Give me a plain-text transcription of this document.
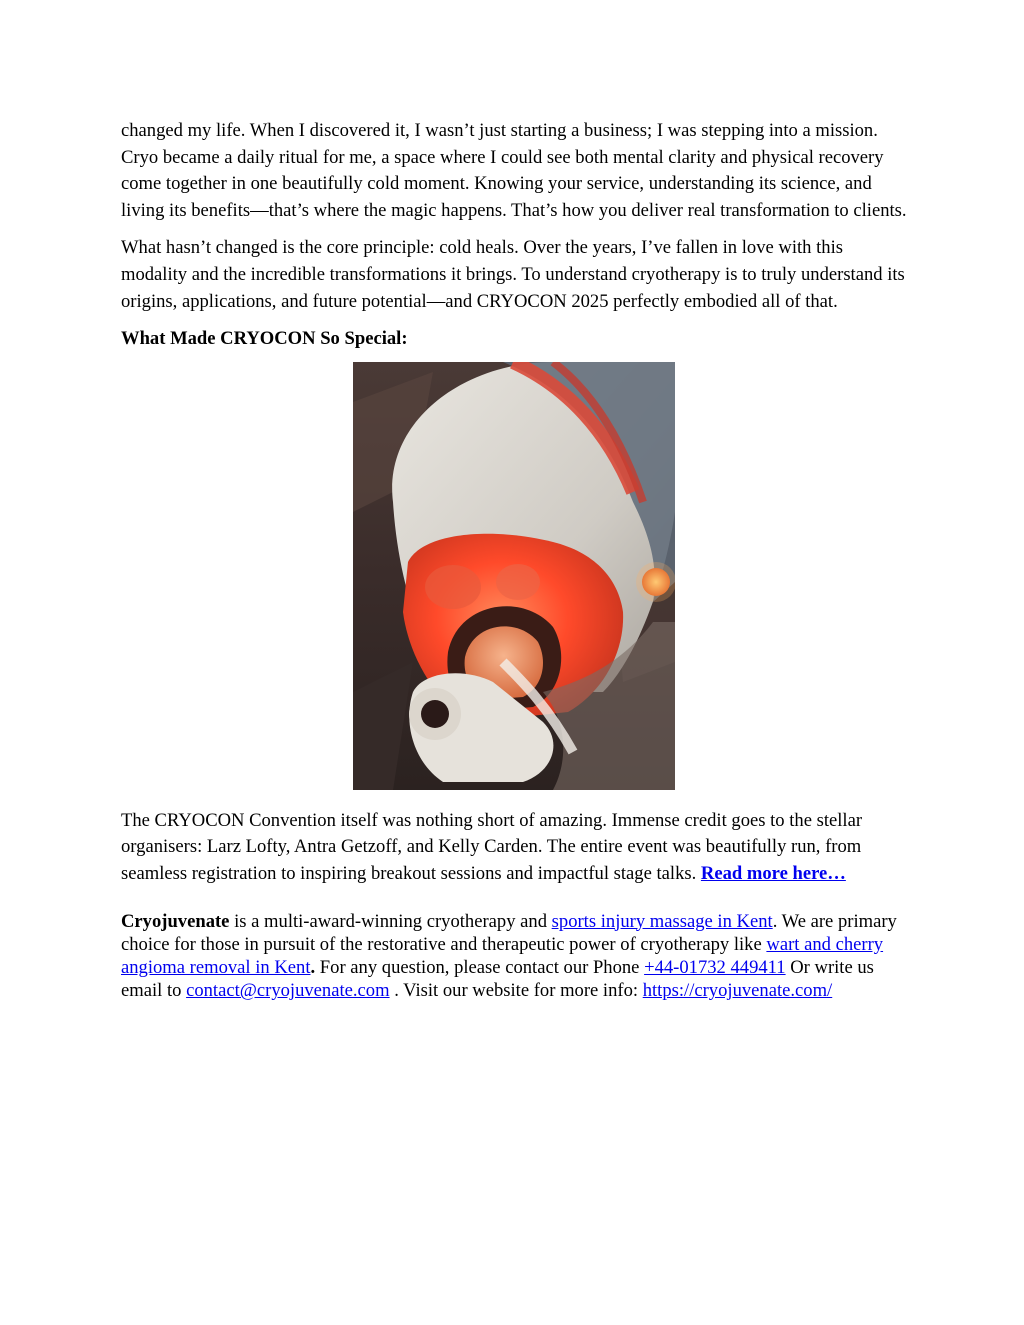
changed my life. When I discovered it, I wasn’t just starting a business; I was stepping into a mission. Cryo became a daily ritual for me, a space where I could see both mental clarity and physical recovery come together in one beautifully cold moment. Knowing your service, understanding its science, and living its benefits—that’s where the magic happens. That’s how you deliver real transformation to clients.

What hasn’t changed is the core principle: cold heals. Over the years, I’ve fallen in love with this modality and the incredible transformations it brings. To understand cryotherapy is to truly understand its origins, applications, and future potential—and CRYOCON 2025 perfectly embodied all of that.

What Made CRYOCON So Special:

The CRYOCON Convention itself was nothing short of amazing. Immense credit goes to the stellar organisers: Larz Lofty, Antra Getzoff, and Kelly Carden. The entire event was beautifully run, from seamless registration to inspiring breakout sessions and impactful stage talks. Read more here…

Cryojuvenate is a multi-award-winning cryotherapy and sports injury massage in Kent. We are primary choice for those in pursuit of the restorative and therapeutic power of cryotherapy like wart and cherry angioma removal in Kent. For any question, please contact our Phone +44-01732 449411 Or write us email to contact@cryojuvenate.com . Visit our website for more info: https://cryojuvenate.com/
